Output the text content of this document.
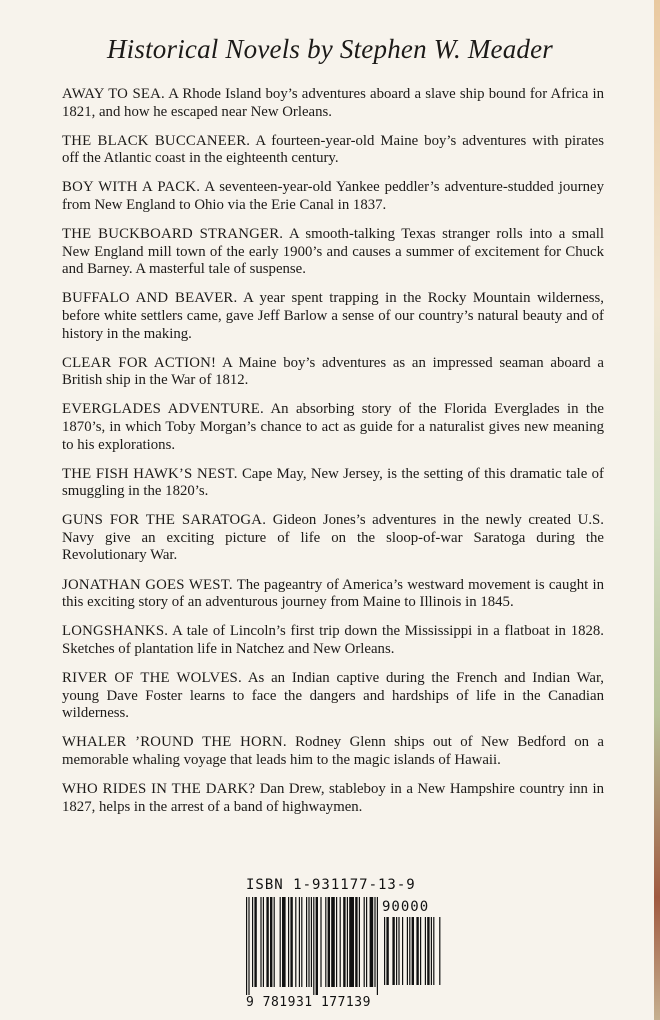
Historical Novels by Stephen W. Meader

AWAY TO SEA. A Rhode Island boy’s adventures aboard a slave ship bound for Africa in 1821, and how he escaped near New Orleans.

THE BLACK BUCCANEER. A fourteen-year-old Maine boy’s adventures with pirates off the Atlantic coast in the eighteenth century.

BOY WITH A PACK. A seventeen-year-old Yankee peddler’s adventure-studded journey from New England to Ohio via the Erie Canal in 1837.

THE BUCKBOARD STRANGER. A smooth-talking Texas stranger rolls into a small New England mill town of the early 1900’s and causes a summer of excitement for Chuck and Barney. A masterful tale of suspense.

BUFFALO AND BEAVER. A year spent trapping in the Rocky Mountain wilderness, before white settlers came, gave Jeff Barlow a sense of our country’s natural beauty and of history in the making.

CLEAR FOR ACTION! A Maine boy’s adventures as an impressed seaman aboard a British ship in the War of 1812.

EVERGLADES ADVENTURE. An absorbing story of the Florida Everglades in the 1870’s, in which Toby Morgan’s chance to act as guide for a naturalist gives new meaning to his explorations.

THE FISH HAWK’S NEST. Cape May, New Jersey, is the setting of this dramatic tale of smuggling in the 1820’s.

GUNS FOR THE SARATOGA. Gideon Jones’s adventures in the newly created U.S. Navy give an exciting picture of life on the sloop-of-war Saratoga during the Revolutionary War.

JONATHAN GOES WEST. The pageantry of America’s westward movement is caught in this exciting story of an adventurous journey from Maine to Illinois in 1845.

LONGSHANKS. A tale of Lincoln’s first trip down the Mississippi in a flatboat in 1828. Sketches of plantation life in Natchez and New Orleans.

RIVER OF THE WOLVES. As an Indian captive during the French and Indian War, young Dave Foster learns to face the dangers and hardships of life in the Canadian wilderness.

WHALER ’ROUND THE HORN. Rodney Glenn ships out of New Bedford on a memorable whaling voyage that leads him to the magic islands of Hawaii.

WHO RIDES IN THE DARK? Dan Drew, stableboy in a New Hampshire country inn in 1827, helps in the arrest of a band of highwaymen.

ISBN 1-931177-13-9
90000
9 781931 177139
